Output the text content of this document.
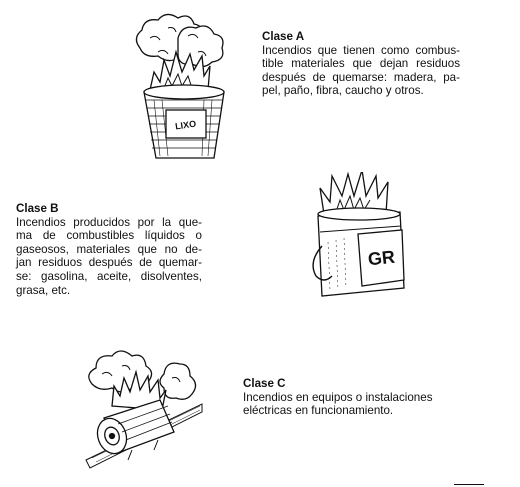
Clase A
Incendios que tienen como combus-
tible materiales que dejan residuos
después de quemarse: madera, pa-
pel, paño, fibra, caucho y otros.
LIXO
Clase B
Incendios producidos por la que-
ma de combustibles líquidos o
gaseosos, materiales que no de-
jan residuos después de quemar-
se: gasolina, aceite, disolventes,
grasa, etc.
GR
Clase C
Incendios en equipos o instalaciones
eléctricas en funcionamiento.
